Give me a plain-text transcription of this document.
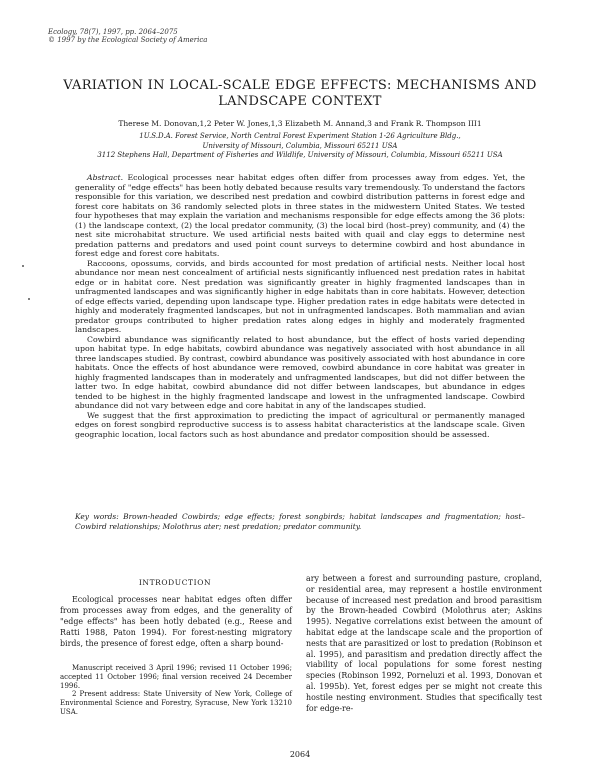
Ecology, 78(7), 1997, pp. 2064–2075
© 1997 by the Ecological Society of America
VARIATION IN LOCAL-SCALE EDGE EFFECTS: MECHANISMS AND LANDSCAPE CONTEXT
Therese M. Donovan,1,2 Peter W. Jones,1,3 Elizabeth M. Annand,3 and Frank R. Thompson III1
1U.S.D.A. Forest Service, North Central Forest Experiment Station 1-26 Agriculture Bldg.,
University of Missouri, Columbia, Missouri 65211 USA
3112 Stephens Hall, Department of Fisheries and Wildlife, University of Missouri, Columbia, Missouri 65211 USA

Abstract. Ecological processes near habitat edges often differ from processes away from edges. Yet, the generality of "edge effects" has been hotly debated because results vary tremendously. To understand the factors responsible for this variation, we described nest predation and cowbird distribution patterns in forest edge and forest core habitats on 36 randomly selected plots in three states in the midwestern United States. We tested four hypotheses that may explain the variation and mechanisms responsible for edge effects among the 36 plots: (1) the landscape context, (2) the local predator community, (3) the local bird (host–prey) community, and (4) the nest site microhabitat structure. We used artificial nests baited with quail and clay eggs to determine nest predation patterns and predators and used point count surveys to determine cowbird and host abundance in forest edge and forest core habitats.

Raccoons, opossums, corvids, and birds accounted for most predation of artificial nests. Neither local host abundance nor mean nest concealment of artificial nests significantly influenced nest predation rates in habitat edge or in habitat core. Nest predation was significantly greater in highly fragmented landscapes than in unfragmented landscapes and was significantly higher in edge habitats than in core habitats. However, detection of edge effects varied, depending upon landscape type. Higher predation rates in edge habitats were detected in highly and moderately fragmented landscapes, but not in unfragmented landscapes. Both mammalian and avian predator groups contributed to higher predation rates along edges in highly and moderately fragmented landscapes.

Cowbird abundance was significantly related to host abundance, but the effect of hosts varied depending upon habitat type. In edge habitats, cowbird abundance was negatively associated with host abundance in all three landscapes studied. By contrast, cowbird abundance was positively associated with host abundance in core habitats. Once the effects of host abundance were removed, cowbird abundance in core habitat was greater in highly fragmented landscapes than in moderately and unfragmented landscapes, but did not differ between the latter two. In edge habitat, cowbird abundance did not differ between landscapes, but abundance in edges tended to be highest in the highly fragmented landscape and lowest in the unfragmented landscape. Cowbird abundance did not vary between edge and core habitat in any of the landscapes studied.

We suggest that the first approximation to predicting the impact of agricultural or permanently managed edges on forest songbird reproductive success is to assess habitat characteristics at the landscape scale. Given geographic location, local factors such as host abundance and predator composition should be assessed.

Key words: Brown-headed Cowbirds; edge effects; forest songbirds; habitat landscapes and fragmentation; host–Cowbird relationships; Molothrus ater; nest predation; predator community.
INTRODUCTION

Ecological processes near habitat edges often differ from processes away from edges, and the generality of "edge effects" has been hotly debated (e.g., Reese and Ratti 1988, Paton 1994). For forest-nesting migratory birds, the presence of forest edge, often a sharp bound-

Manuscript received 3 April 1996; revised 11 October 1996; accepted 11 October 1996; final version received 24 December 1996.

2 Present address: State University of New York, College of Environmental Science and Forestry, Syracuse, New York 13210 USA.

ary between a forest and surrounding pasture, cropland, or residential area, may represent a hostile environment because of increased nest predation and brood parasitism by the Brown-headed Cowbird (Molothrus ater; Askins 1995). Negative correlations exist between the amount of habitat edge at the landscape scale and the proportion of nests that are parasitized or lost to predation (Robinson et al. 1995), and parasitism and predation directly affect the viability of local populations for some forest nesting species (Robinson 1992, Porneluzi et al. 1993, Donovan et al. 1995b). Yet, forest edges per se might not create this hostile nesting environment. Studies that specifically test for edge-re-
2064
